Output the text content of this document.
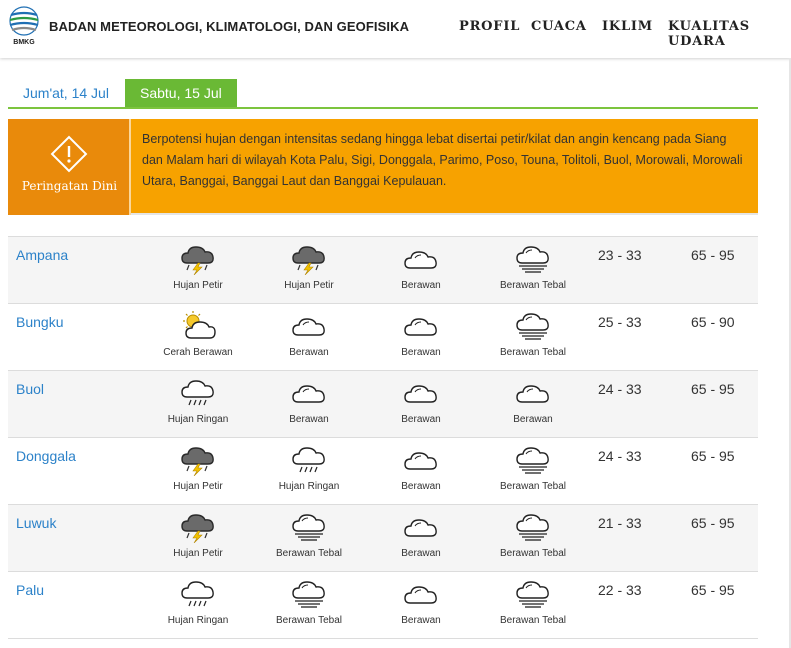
BMKG
BADAN METEOROLOGI, KLIMATOLOGI, DAN GEOFISIKA	PROFIL CUACA IKLIM KUALITAS UDARA
Jum'at, 14 Jul	Sabtu, 15 Jul
Peringatan Dini
Berpotensi hujan dengan intensitas sedang hingga lebat disertai petir/kilat dan angin kencang pada Siang dan Malam hari di wilayah Kota Palu, Sigi, Donggala, Parimo, Poso, Touna, Tolitoli, Buol, Morowali, Morowali Utara, Banggai, Banggai Laut dan Banggai Kepulauan.
Ampana
Hujan Petir	Hujan Petir	Berawan	Berawan Tebal
23 - 33	65 - 95
Bungku
Cerah Berawan	Berawan	Berawan	Berawan Tebal
25 - 33	65 - 90
Buol
Hujan Ringan	Berawan	Berawan	Berawan
24 - 33	65 - 95
Donggala
Hujan Petir	Hujan Ringan	Berawan	Berawan Tebal
24 - 33	65 - 95
Luwuk
Hujan Petir	Berawan Tebal	Berawan	Berawan Tebal
21 - 33	65 - 95
Palu
Hujan Ringan	Berawan Tebal	Berawan	Berawan Tebal
22 - 33	65 - 95
